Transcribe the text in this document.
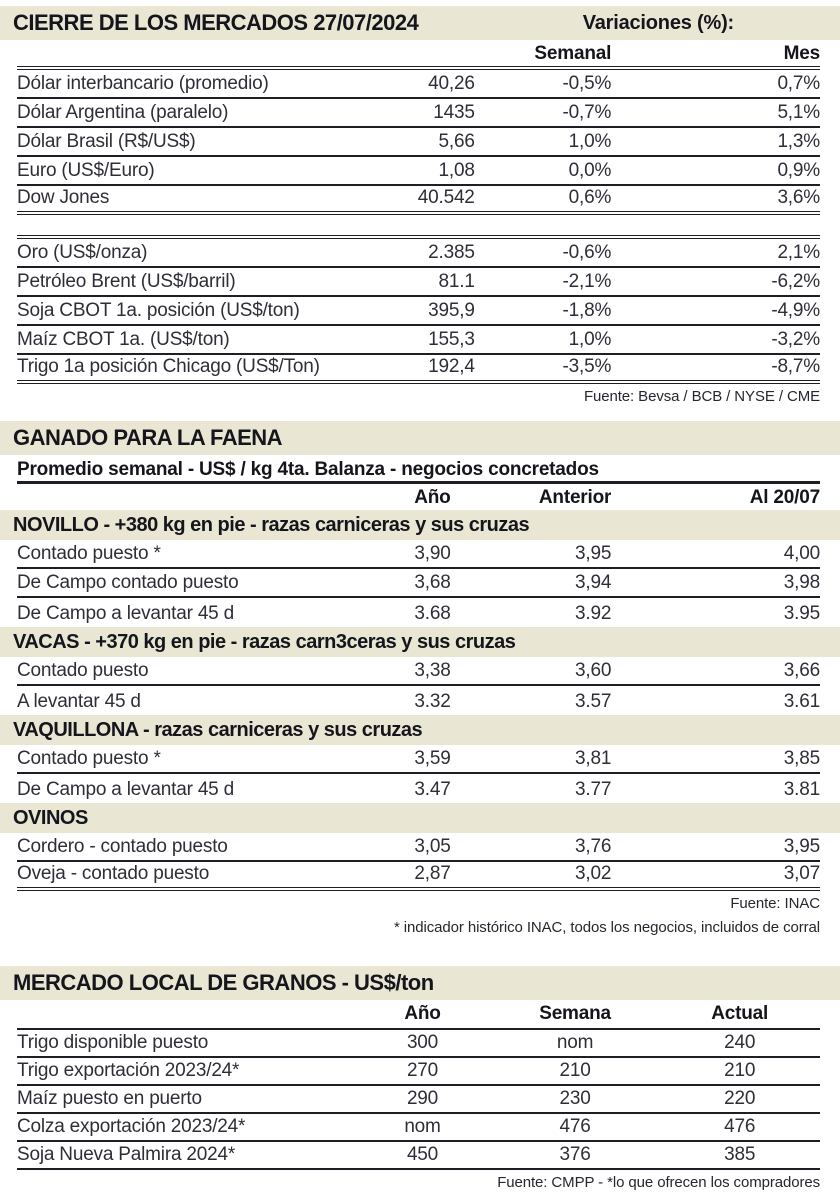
CIERRE DE LOS MERCADOS 27/07/2024	Variaciones (%):
Semanal	Mes
Dólar interbancario (promedio)	40,26	-0,5%	0,7%
Dólar Argentina (paralelo)	1435	-0,7%	5,1%
Dólar Brasil (R$/US$)	5,66	1,0%	1,3%
Euro (US$/Euro)	1,08	0,0%	0,9%
Dow Jones	40.542	0,6%	3,6%
Oro (US$/onza)	2.385	-0,6%	2,1%
Petróleo Brent (US$/barril)	81.1	-2,1%	-6,2%
Soja CBOT 1a. posición (US$/ton)	395,9	-1,8%	-4,9%
Maíz CBOT 1a. (US$/ton)	155,3	1,0%	-3,2%
Trigo 1a posición Chicago (US$/Ton)	192,4	-3,5%	-8,7%
Fuente: Bevsa / BCB / NYSE / CME
GANADO PARA LA FAENA
Promedio semanal - US$ / kg 4ta. Balanza - negocios concretados
Año	Anterior	Al 20/07
NOVILLO - +380 kg en pie - razas carniceras y sus cruzas
Contado puesto *	3,90	3,95	4,00
De Campo contado puesto	3,68	3,94	3,98
De Campo a levantar 45 d	3.68	3.92	3.95
VACAS - +370 kg en pie - razas carn3ceras y sus cruzas
Contado puesto	3,38	3,60	3,66
A levantar 45 d	3.32	3.57	3.61
VAQUILLONA - razas carniceras y sus cruzas
Contado puesto *	3,59	3,81	3,85
De Campo a levantar 45 d	3.47	3.77	3.81
OVINOS
Cordero - contado puesto	3,05	3,76	3,95
Oveja - contado puesto	2,87	3,02	3,07
Fuente: INAC
* indicador histórico INAC, todos los negocios, incluidos de corral
MERCADO LOCAL DE GRANOS - US$/ton
Año	Semana	Actual
Trigo disponible puesto	300	nom	240
Trigo exportación 2023/24*	270	210	210
Maíz puesto en puerto	290	230	220
Colza exportación 2023/24*	nom	476	476
Soja Nueva Palmira 2024*	450	376	385
Fuente: CMPP - *lo que ofrecen los compradores
